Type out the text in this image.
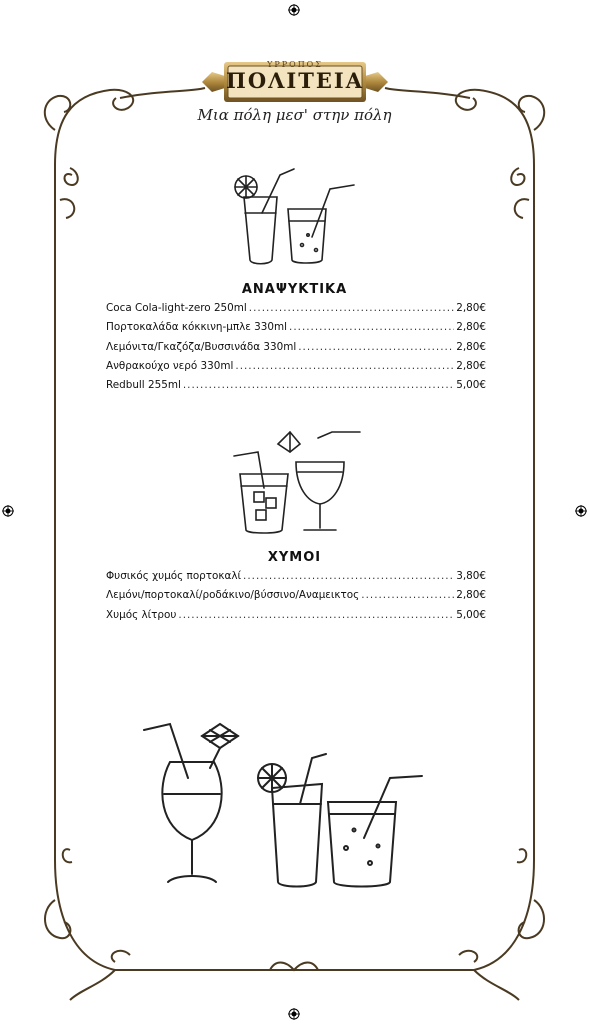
ΥΡΡΟΠΟΣ
ΠΟΛΙΤΕΙΑ
Μια πόλη μεσ' στην πόλη
ΑΝΑΨΥΚΤΙΚΑ
Coca Cola-light-zero 250ml .....	2,80€
Πορτοκαλάδα κόκκινη-μπλε 330ml .....	2,80€
Λεμόνιτα/Γκαζόζα/Βυσσινάδα 330ml .....	2,80€
Ανθρακούχο νερό 330ml .....	2,80€
Redbull 255ml .....	5,00€
ΧΥΜΟΙ
Φυσικός χυμός πορτοκαλί .....	3,80€
Λεμόνι/πορτοκαλί/ροδάκινο/βύσσινο/Αναμεικτος .....	2,80€
Χυμός λίτρου .....	5,00€
